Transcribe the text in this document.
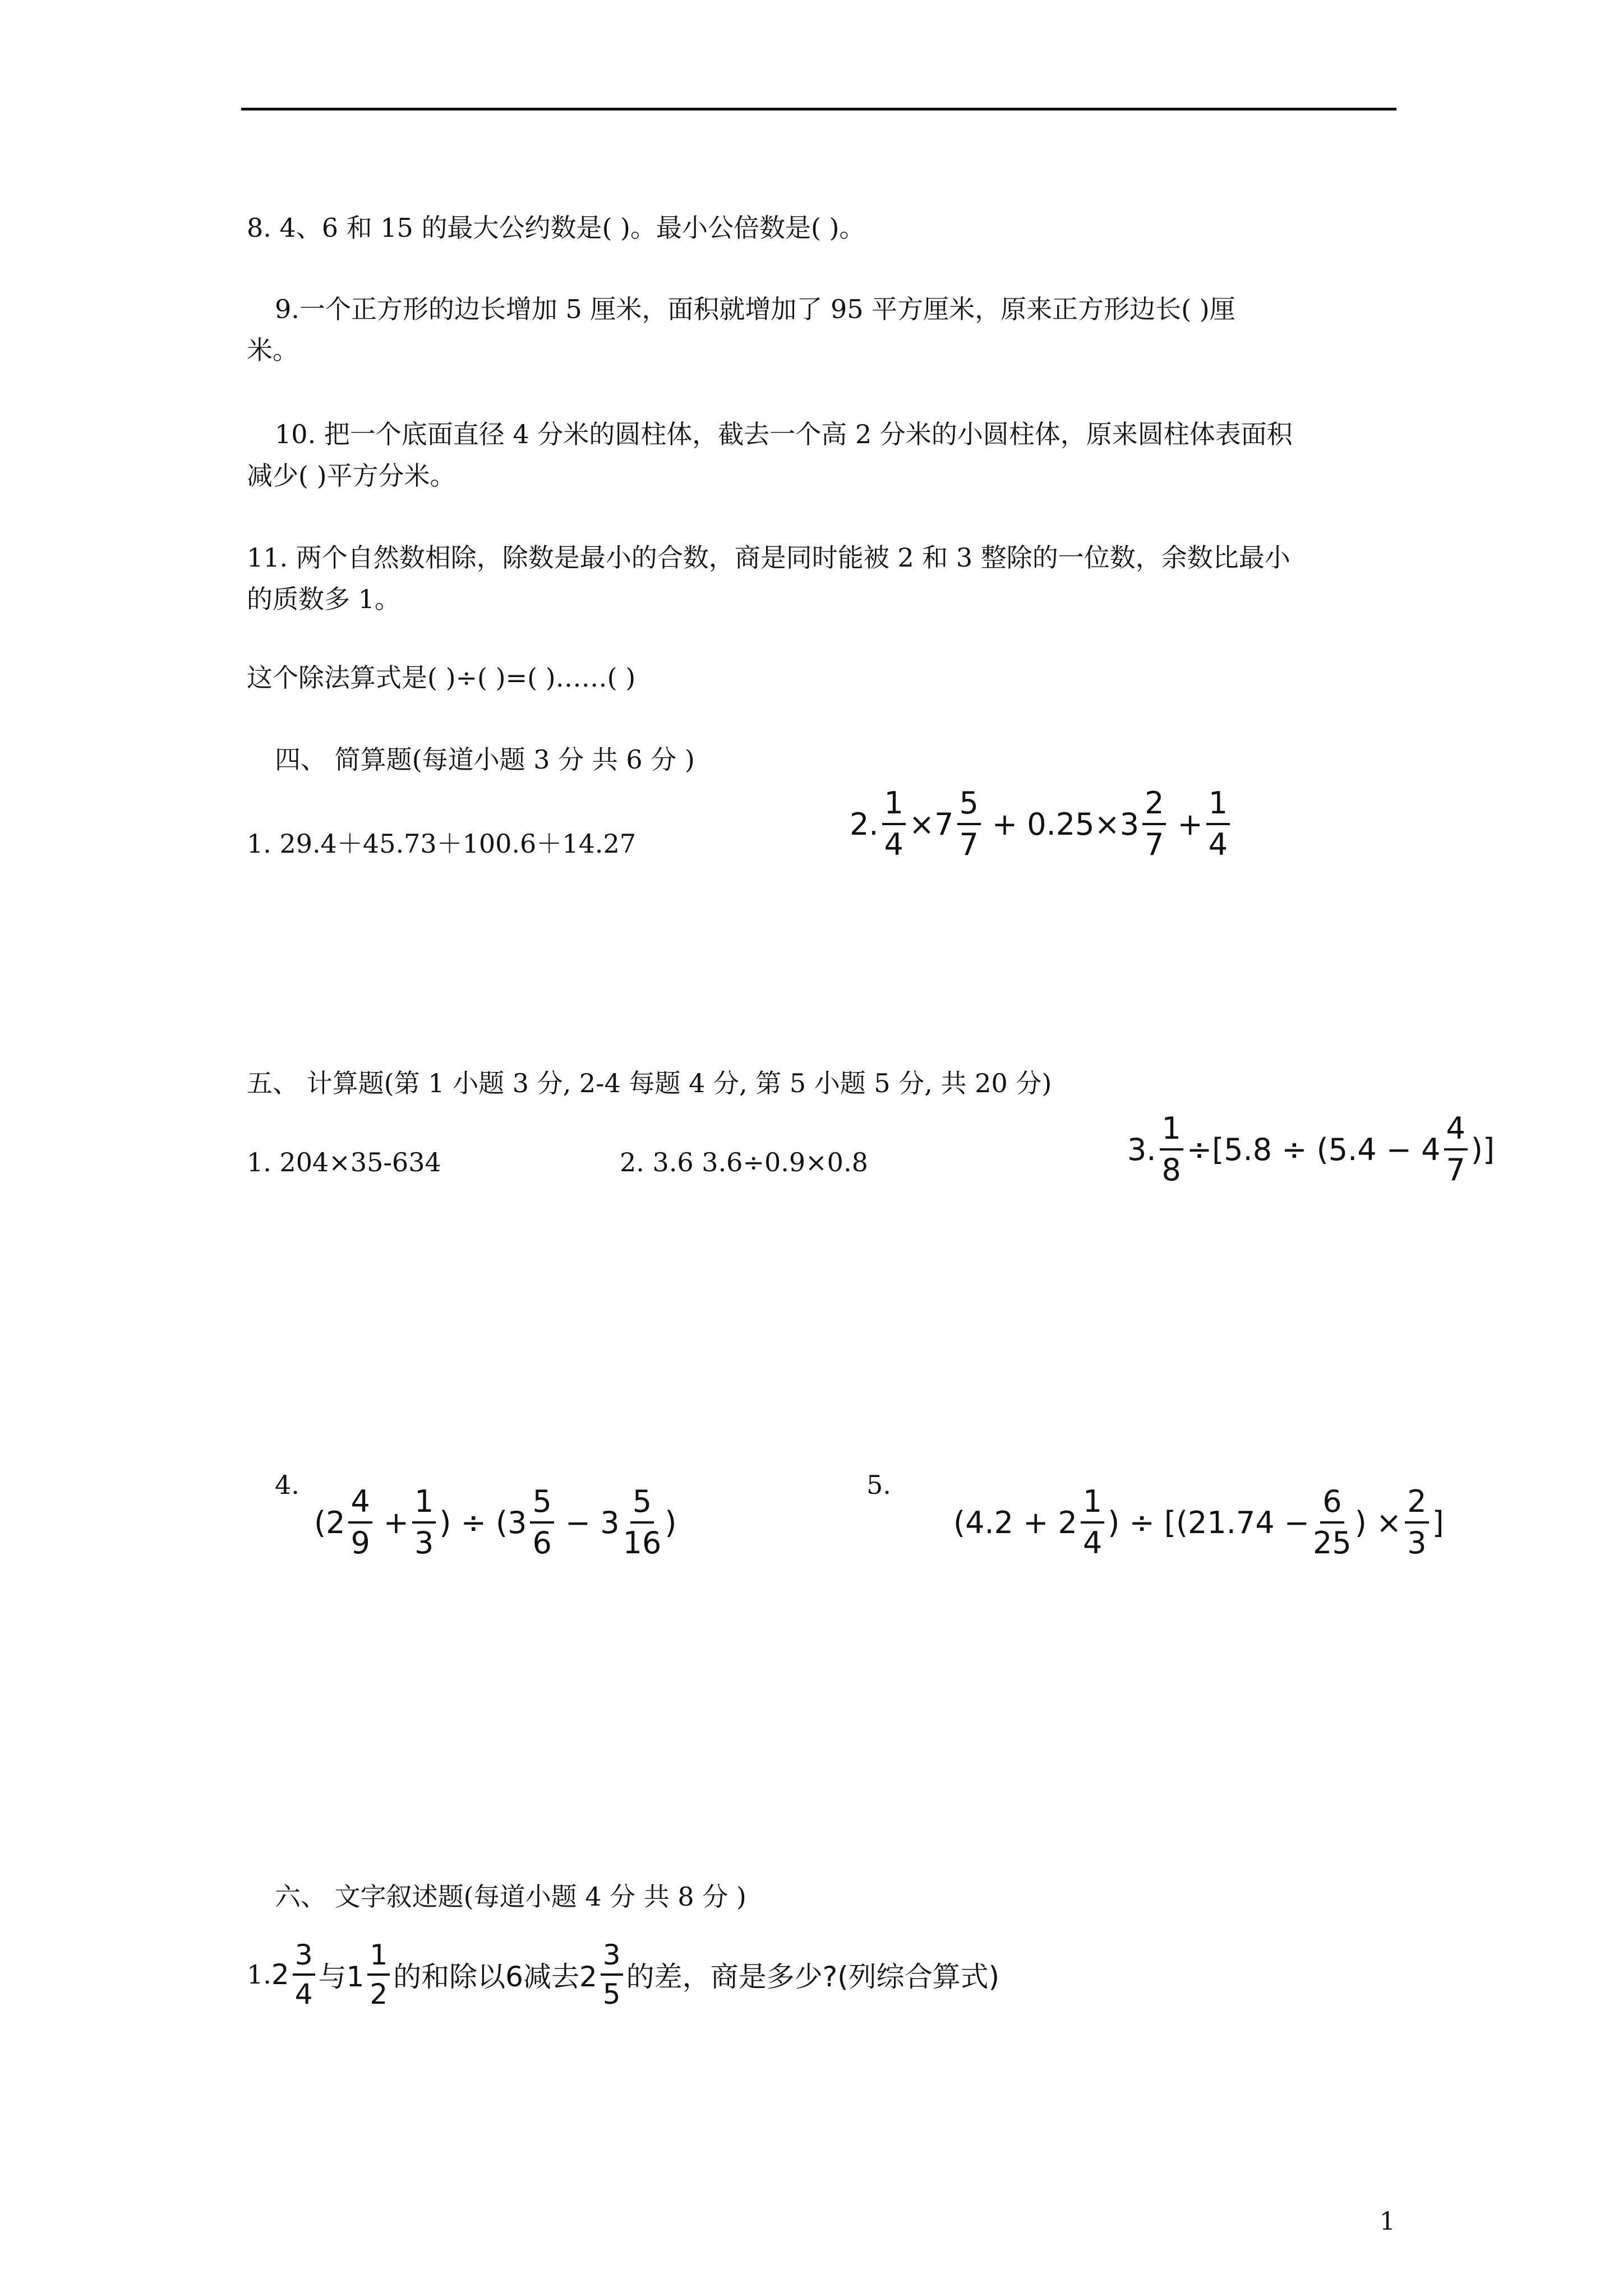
8. 4、6 和 15 的最大公约数是( )。最小公倍数是( )。
9.一个正方形的边长增加 5 厘米，面积就增加了 95 平方厘米，原来正方形边长( )厘
米。
10. 把一个底面直径 4 分米的圆柱体，截去一个高 2 分米的小圆柱体，原来圆柱体表面积
减少( )平方分米。
11. 两个自然数相除，除数是最小的合数，商是同时能被 2 和 3 整除的一位数，余数比最小
的质数多 1。
这个除法算式是( )÷( )=( )……( )
四、 简算题(每道小题 3 分 共 6 分 )
1. 29.4＋45.73＋100.6＋14.27
2. $\frac{1}{4} \times 7 \frac{5}{7} + 0.25\times 3 \frac{2}{7} + \frac{1}{4}$
五、 计算题(第 1 小题 3 分, 2-4 每题 4 分, 第 5 小题 5 分, 共 20 分)
1. 204×35-634	2. 3.6 3.6÷0.9×0.8	3. $\frac{1}{8} \div[5.8 \div (5.4 - 4 \frac{4}{7}$ )]
4.
($2 \frac{4}{9} + \frac{1}{3}$ ) ÷ ($3 \frac{5}{6} - 3 \frac{5}{16}$ )
5.
($4.2 + 2 \frac{1}{4}$ ) ÷ [($21.74 - \frac{6}{25}$ ) × $\frac{2}{3}$ ]
六、 文字叙述题(每道小题 4 分 共 8 分 )
1. $2 \frac{3}{4}$ 与$1 \frac{1}{2}$ 的和除以6减去$2 \frac{3}{5}$ 的差，商是多少?(列综合算式)
1
